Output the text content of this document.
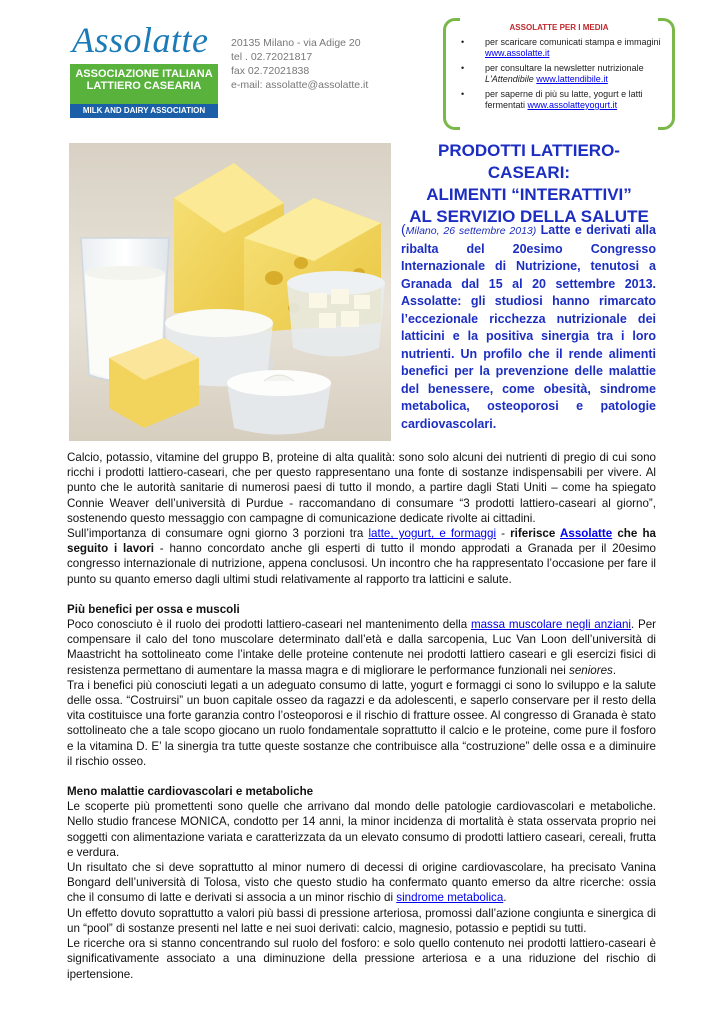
Assolatte
ASSOCIAZIONE ITALIANA
LATTIERO CASEARIA
MILK AND DAIRY ASSOCIATION
20135 Milano - via Adige 20
tel . 02.72021817
fax 02.72021838
e-mail: assolatte@assolatte.it
ASSOLATTE PER I MEDIA
• per scaricare comunicati stampa e immagini www.assolatte.it
• per consultare la newsletter nutrizionale L'Attendibile www.lattendibile.it
• per saperne di più su latte, yogurt e latti fermentati www.assolatteyogurt.it
PRODOTTI LATTIERO-CASEARI:
ALIMENTI “INTERATTIVI”
AL SERVIZIO DELLA SALUTE
(Milano, 26 settembre 2013) Latte e derivati alla ribalta del 20esimo Congresso Internazionale di Nutrizione, tenutosi a Granada dal 15 al 20 settembre 2013. Assolatte: gli studiosi hanno rimarcato l’eccezionale ricchezza nutrizionale dei latticini e la positiva sinergia tra i loro nutrienti. Un profilo che il rende alimenti benefici per la prevenzione delle malattie del benessere, come obesità, sindrome metabolica, osteoporosi e patologie cardiovascolari.

Calcio, potassio, vitamine del gruppo B, proteine di alta qualità: sono solo alcuni dei nutrienti di pregio di cui sono ricchi i prodotti lattiero-caseari, che per questo rappresentano una fonte di sostanze indispensabili per vivere. Al punto che le autorità sanitarie di numerosi paesi di tutto il mondo, a partire dagli Stati Uniti – come ha spiegato Connie Weaver dell’università di Purdue - raccomandano di consumare “3 prodotti lattiero-caseari al giorno”, sostenendo questo messaggio con campagne di comunicazione dedicate rivolte ai cittadini.

Sull’importanza di consumare ogni giorno 3 porzioni tra latte, yogurt, e formaggi - riferisce Assolatte che ha seguito i lavori - hanno concordato anche gli esperti di tutto il mondo approdati a Granada per il 20esimo congresso internazionale di nutrizione, appena conclusosi. Un incontro che ha rappresentato l’occasione per fare il punto su quanto emerso dagli ultimi studi relativamente al rapporto tra latticini e salute.

Più benefici per ossa e muscoli

Poco conosciuto è il ruolo dei prodotti lattiero-caseari nel mantenimento della massa muscolare negli anziani. Per compensare il calo del tono muscolare determinato dall’età e dalla sarcopenia, Luc Van Loon dell’università di Maastricht ha sottolineato come l’intake delle proteine contenute nei prodotti lattiero caseari e gli esercizi fisici di resistenza permettano di aumentare la massa magra e di migliorare le performance funzionali nei seniores.

Tra i benefici più conosciuti legati a un adeguato consumo di latte, yogurt e formaggi ci sono lo sviluppo e la salute delle ossa. “Costruirsi” un buon capitale osseo da ragazzi e da adolescenti, e saperlo conservare per il resto della vita costituisce una forte garanzia contro l’osteoporosi e il rischio di fratture ossee. Al congresso di Granada è stato sottolineato che a tale scopo giocano un ruolo fondamentale soprattutto il calcio e le proteine, come pure il fosforo e la vitamina D. E’ la sinergia tra tutte queste sostanze che contribuisce alla “costruzione” delle ossa e a diminuire il rischio osseo.

Meno malattie cardiovascolari e metaboliche

Le scoperte più promettenti sono quelle che arrivano dal mondo delle patologie cardiovascolari e metaboliche. Nello studio francese MONICA, condotto per 14 anni, la minor incidenza di mortalità è stata osservata proprio nei soggetti con alimentazione variata e caratterizzata da un elevato consumo di prodotti lattiero caseari, cereali, frutta e verdura.

Un risultato che si deve soprattutto al minor numero di decessi di origine cardiovascolare, ha precisato Vanina Bongard dell’università di Tolosa, visto che questo studio ha confermato quanto emerso da altre ricerche: ossia che il consumo di latte e derivati si associa a un minor rischio di sindrome metabolica.

Un effetto dovuto soprattutto a valori più bassi di pressione arteriosa, promossi dall’azione congiunta e sinergica di un “pool” di sostanze presenti nel latte e nei suoi derivati: calcio, magnesio, potassio e peptidi su tutti.

Le ricerche ora si stanno concentrando sul ruolo del fosforo: e solo quello contenuto nei prodotti lattiero-caseari è significativamente associato a una diminuzione della pressione arteriosa e a una riduzione del rischio di ipertensione.
